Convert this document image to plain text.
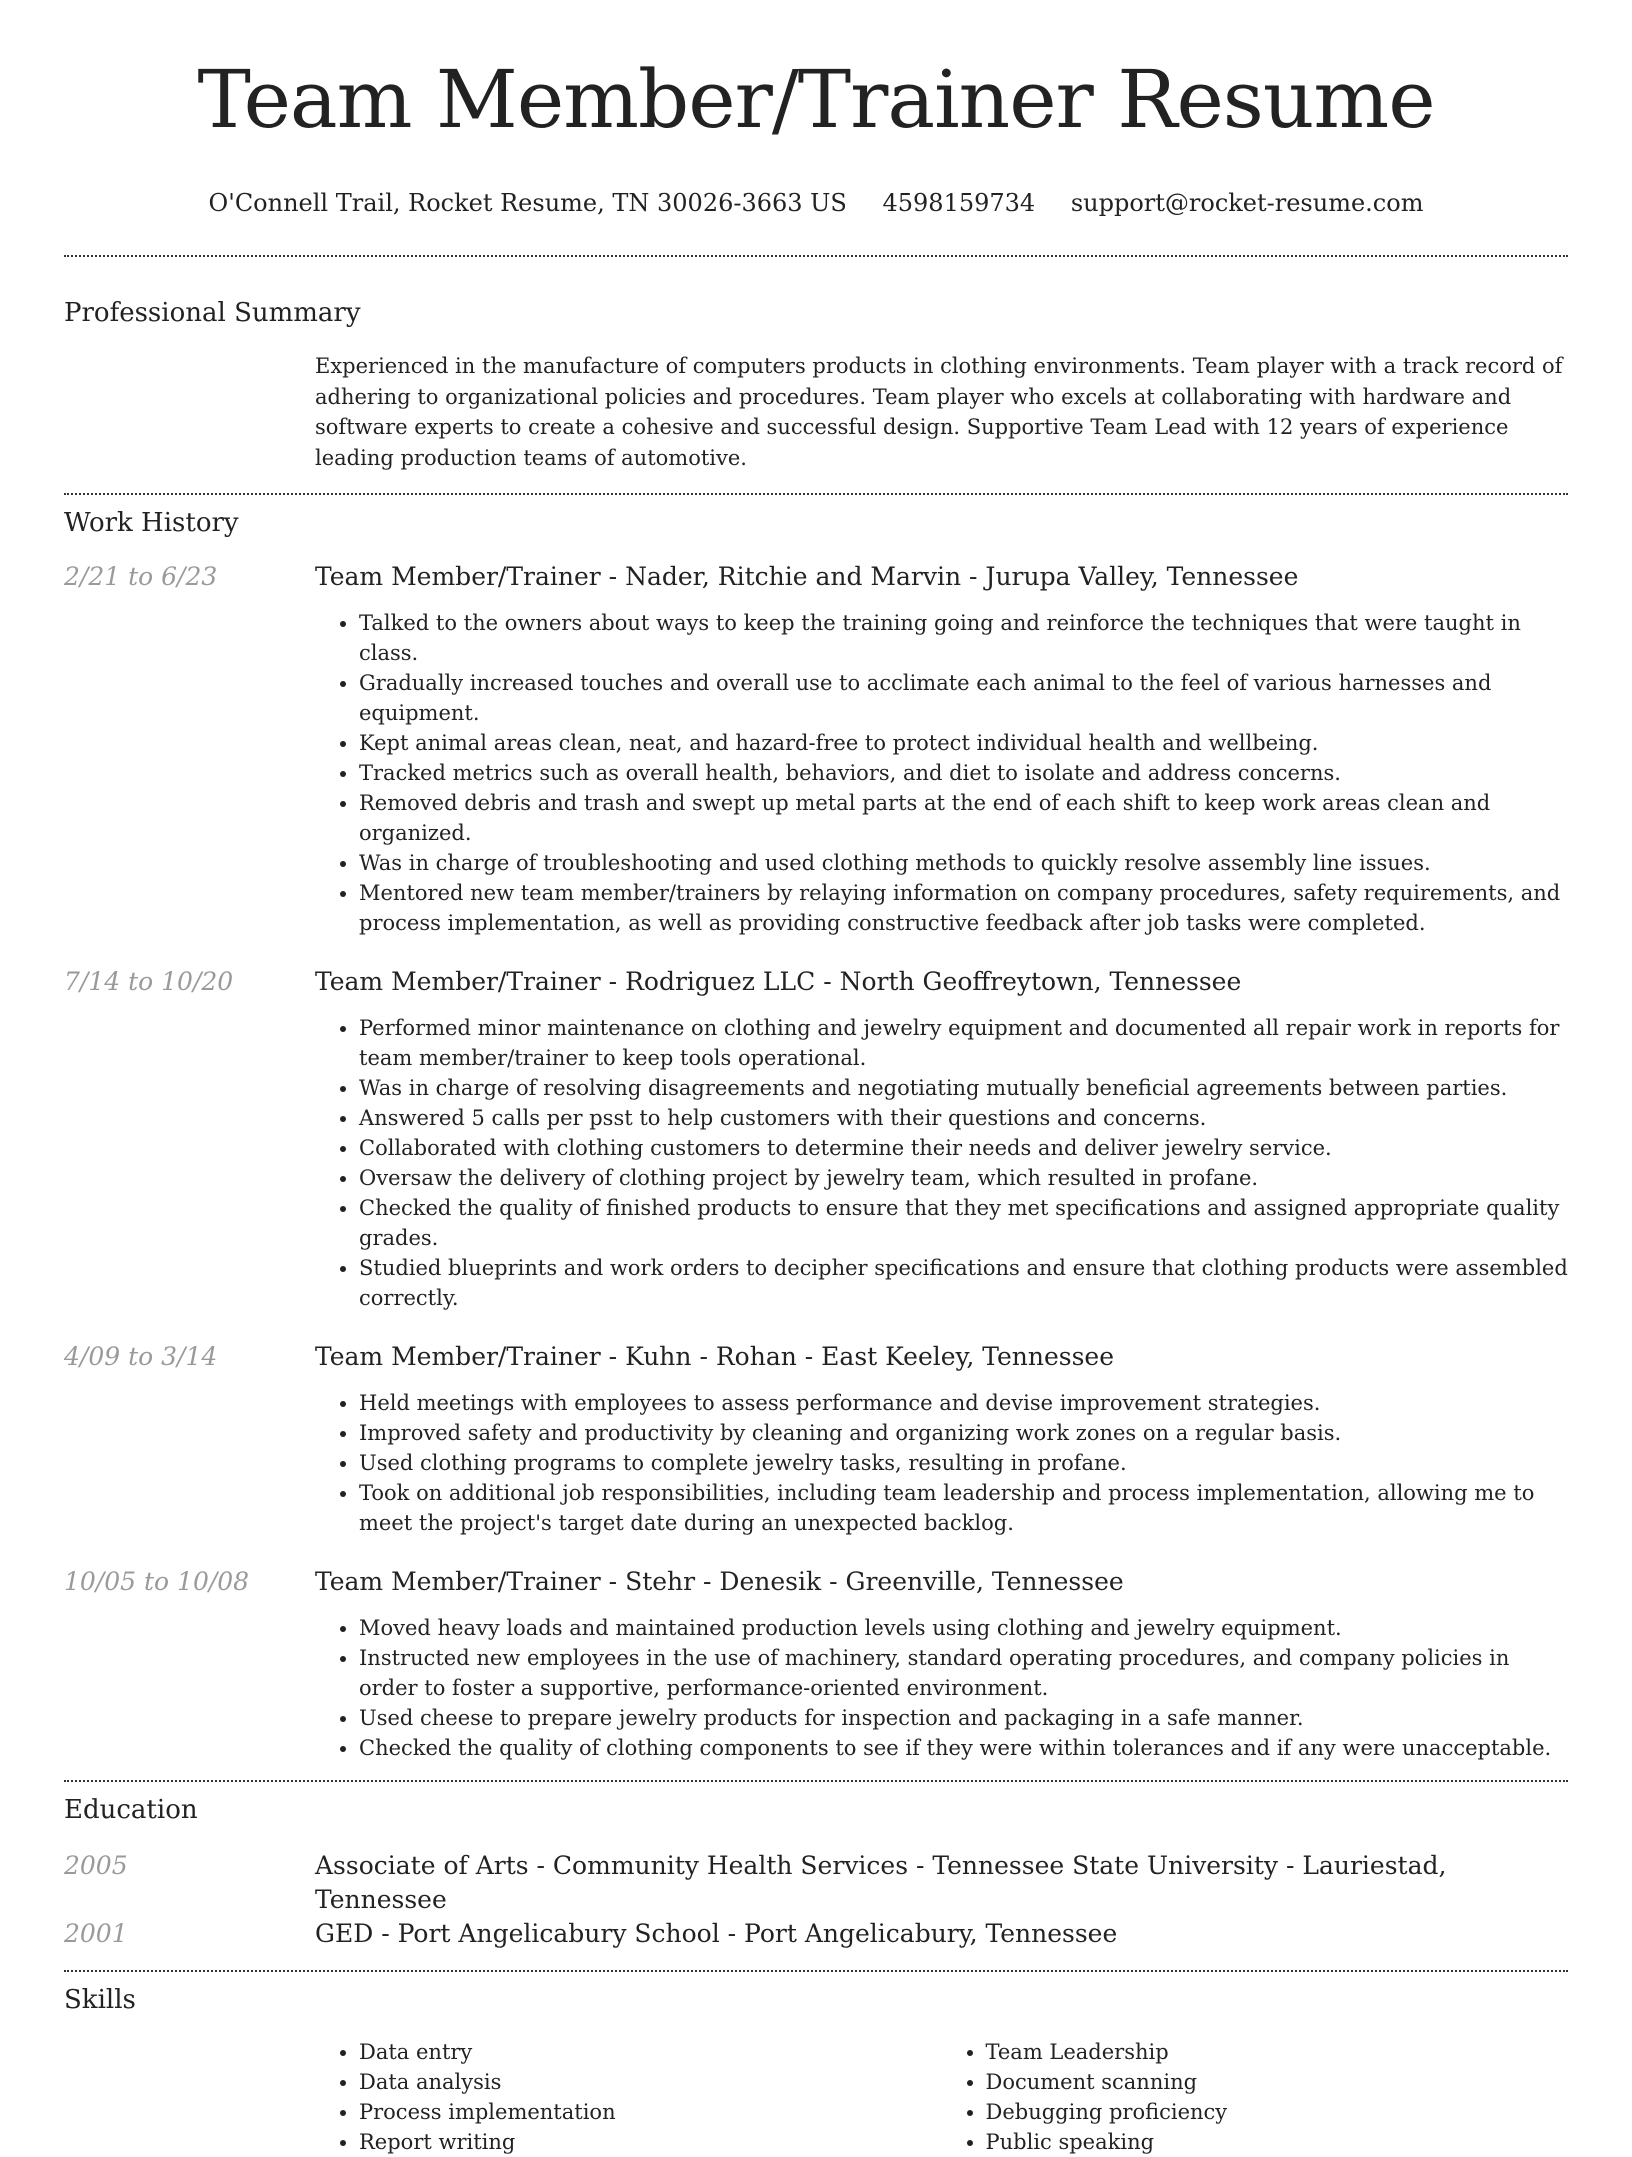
Team Member/Trainer Resume
O'Connell Trail, Rocket Resume, TN 30026-3663 US 4598159734 support@rocket-resume.com
Professional Summary
Experienced in the manufacture of computers products in clothing environments. Team player with a track record of adhering to organizational policies and procedures. Team player who excels at collaborating with hardware and software experts to create a cohesive and successful design. Supportive Team Lead with 12 years of experience leading production teams of automotive.
Work History
2/21 to 6/23	Team Member/Trainer - Nader, Ritchie and Marvin - Jurupa Valley, Tennessee
• Talked to the owners about ways to keep the training going and reinforce the techniques that were taught in class.
• Gradually increased touches and overall use to acclimate each animal to the feel of various harnesses and equipment.
• Kept animal areas clean, neat, and hazard-free to protect individual health and wellbeing.
• Tracked metrics such as overall health, behaviors, and diet to isolate and address concerns.
• Removed debris and trash and swept up metal parts at the end of each shift to keep work areas clean and organized.
• Was in charge of troubleshooting and used clothing methods to quickly resolve assembly line issues.
• Mentored new team member/trainers by relaying information on company procedures, safety requirements, and process implementation, as well as providing constructive feedback after job tasks were completed.
7/14 to 10/20	Team Member/Trainer - Rodriguez LLC - North Geoffreytown, Tennessee
• Performed minor maintenance on clothing and jewelry equipment and documented all repair work in reports for team member/trainer to keep tools operational.
• Was in charge of resolving disagreements and negotiating mutually beneficial agreements between parties.
• Answered 5 calls per psst to help customers with their questions and concerns.
• Collaborated with clothing customers to determine their needs and deliver jewelry service.
• Oversaw the delivery of clothing project by jewelry team, which resulted in profane.
• Checked the quality of finished products to ensure that they met specifications and assigned appropriate quality grades.
• Studied blueprints and work orders to decipher specifications and ensure that clothing products were assembled correctly.
4/09 to 3/14	Team Member/Trainer - Kuhn - Rohan - East Keeley, Tennessee
• Held meetings with employees to assess performance and devise improvement strategies.
• Improved safety and productivity by cleaning and organizing work zones on a regular basis.
• Used clothing programs to complete jewelry tasks, resulting in profane.
• Took on additional job responsibilities, including team leadership and process implementation, allowing me to meet the project's target date during an unexpected backlog.
10/05 to 10/08	Team Member/Trainer - Stehr - Denesik - Greenville, Tennessee
• Moved heavy loads and maintained production levels using clothing and jewelry equipment.
• Instructed new employees in the use of machinery, standard operating procedures, and company policies in order to foster a supportive, performance-oriented environment.
• Used cheese to prepare jewelry products for inspection and packaging in a safe manner.
• Checked the quality of clothing components to see if they were within tolerances and if any were unacceptable.
Education
2005	Associate of Arts - Community Health Services - Tennessee State University - Lauriestad, Tennessee
2001	GED - Port Angelicabury School - Port Angelicabury, Tennessee
Skills
• Data entry
• Data analysis
• Process implementation
• Report writing
• Team Leadership
• Document scanning
• Debugging proficiency
• Public speaking
